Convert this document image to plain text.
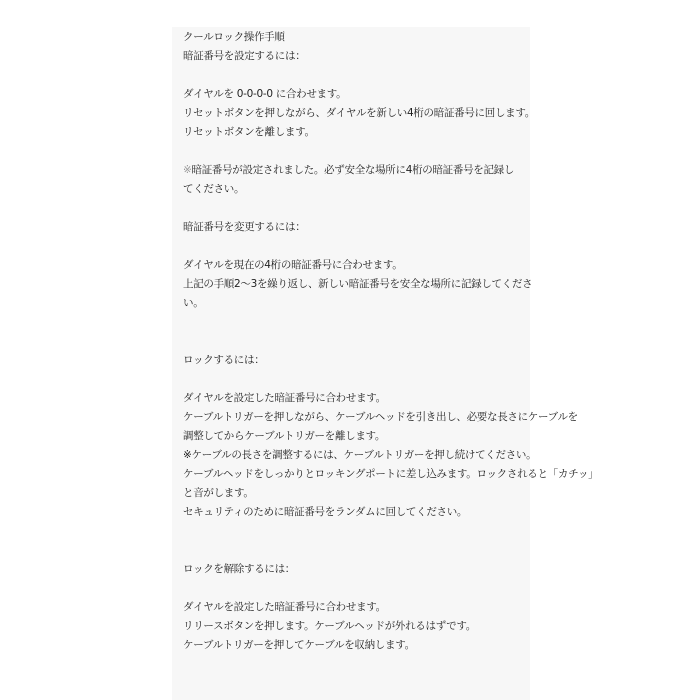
クールロック操作手順
暗証番号を設定するには：
ダイヤルを 0-0-0-0 に合わせます。
リセットボタンを押しながら、ダイヤルを新しい4桁の暗証番号に回します。
リセットボタンを離します。
※暗証番号が設定されました。必ず安全な場所に4桁の暗証番号を記録し
てください。
暗証番号を変更するには：
ダイヤルを現在の4桁の暗証番号に合わせます。
上記の手順2～3を繰り返し、新しい暗証番号を安全な場所に記録してくださ
い。
ロックするには：
ダイヤルを設定した暗証番号に合わせます。
ケーブルトリガーを押しながら、ケーブルヘッドを引き出し、必要な長さにケーブルを
調整してからケーブルトリガーを離します。
※ケーブルの長さを調整するには、ケーブルトリガーを押し続けてください。
ケーブルヘッドをしっかりとロッキングポートに差し込みます。ロックされると「カチッ」
と音がします。
セキュリティのために暗証番号をランダムに回してください。
ロックを解除するには：
ダイヤルを設定した暗証番号に合わせます。
リリースボタンを押します。ケーブルヘッドが外れるはずです。
ケーブルトリガーを押してケーブルを収納します。
